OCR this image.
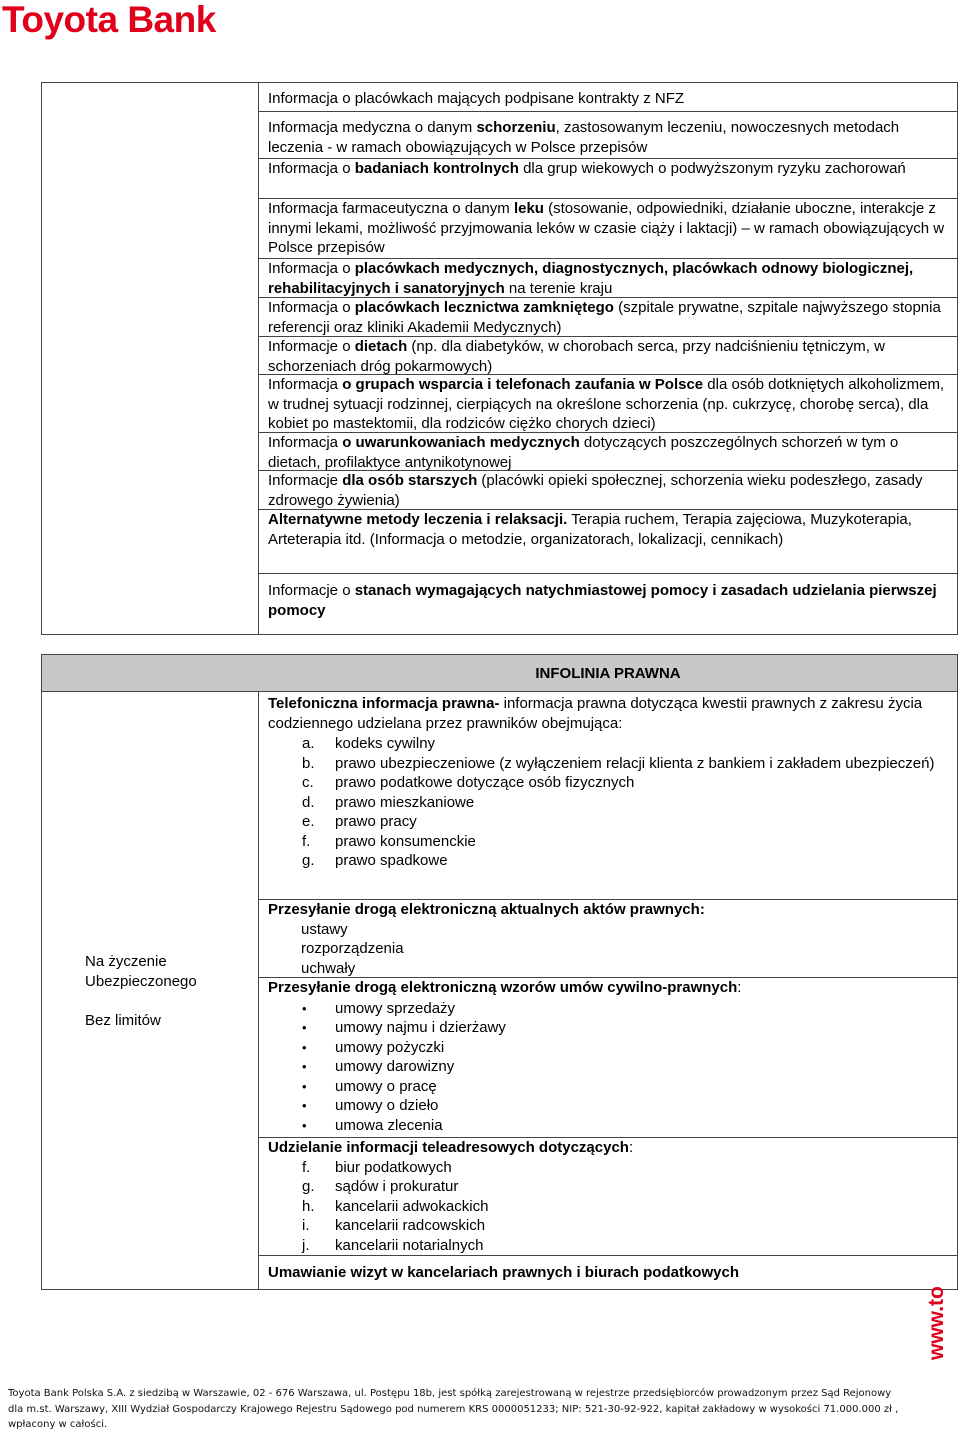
Toyota Bank
Informacja o placówkach mających podpisane kontrakty z NFZ
Informacja medyczna o danym schorzeniu, zastosowanym leczeniu, nowoczesnych metodach leczenia - w ramach obowiązujących w Polsce przepisów
Informacja o badaniach kontrolnych dla grup wiekowych o podwyższonym ryzyku zachorowań
Informacja farmaceutyczna o danym leku (stosowanie, odpowiedniki, działanie uboczne, interakcje z innymi lekami, możliwość przyjmowania leków w czasie ciąży i laktacji) – w ramach obowiązujących w Polsce przepisów
Informacja o placówkach medycznych, diagnostycznych, placówkach odnowy biologicznej, rehabilitacyjnych i sanatoryjnych na terenie kraju
Informacja o placówkach lecznictwa zamkniętego (szpitale prywatne, szpitale najwyższego stopnia referencji oraz kliniki Akademii Medycznych)
Informacje o dietach (np. dla diabetyków, w chorobach serca, przy nadciśnieniu tętniczym, w schorzeniach dróg pokarmowych)
Informacja o grupach wsparcia i telefonach zaufania w Polsce dla osób dotkniętych alkoholizmem, w trudnej sytuacji rodzinnej, cierpiących na określone schorzenia (np. cukrzycę, chorobę serca), dla kobiet po mastektomii, dla rodziców ciężko chorych dzieci)
Informacja o uwarunkowaniach medycznych dotyczących poszczególnych schorzeń w tym o dietach, profilaktyce antynikotynowej
Informacje dla osób starszych (placówki opieki społecznej, schorzenia wieku podeszłego, zasady zdrowego żywienia)
Alternatywne metody leczenia i relaksacji. Terapia ruchem, Terapia zajęciowa, Muzykoterapia, Arteterapia itd. (Informacja o metodzie, organizatorach, lokalizacji, cennikach)
Informacje o stanach wymagających natychmiastowej pomocy i zasadach udzielania pierwszej pomocy
INFOLINIA PRAWNA
Na życzenie
Ubezpieczonego
Bez limitów
Telefoniczna informacja prawna- informacja prawna dotycząca kwestii prawnych z zakresu życia codziennego udzielana przez prawników obejmująca:
a. kodeks cywilny
b. prawo ubezpieczeniowe (z wyłączeniem relacji klienta z bankiem i zakładem ubezpieczeń)
c. prawo podatkowe dotyczące osób fizycznych
d. prawo mieszkaniowe
e. prawo pracy
f. prawo konsumenckie
g. prawo spadkowe
Przesyłanie drogą elektroniczną aktualnych aktów prawnych:
ustawy
rozporządzenia
uchwały
Przesyłanie drogą elektroniczną wzorów umów cywilno-prawnych:
• umowy sprzedaży
• umowy najmu i dzierżawy
• umowy pożyczki
• umowy darowizny
• umowy o pracę
• umowy o dzieło
• umowa zlecenia
Udzielanie informacji teleadresowych dotyczących:
f. biur podatkowych
g. sądów i prokuratur
h. kancelarii adwokackich
i. kancelarii radcowskich
j. kancelarii notarialnych
Umawianie wizyt w kancelariach prawnych i biurach podatkowych
www.to
Toyota Bank Polska S.A. z siedzibą w Warszawie, 02 - 676 Warszawa, ul. Postępu 18b, jest spółką zarejestrowaną w rejestrze przedsiębiorców prowadzonym przez Sąd Rejonowy
dla m.st. Warszawy, XIII Wydział Gospodarczy Krajowego Rejestru Sądowego pod numerem KRS 0000051233; NIP: 521-30-92-922, kapitał zakładowy w wysokości 71.000.000 zł ,
wpłacony w całości.
